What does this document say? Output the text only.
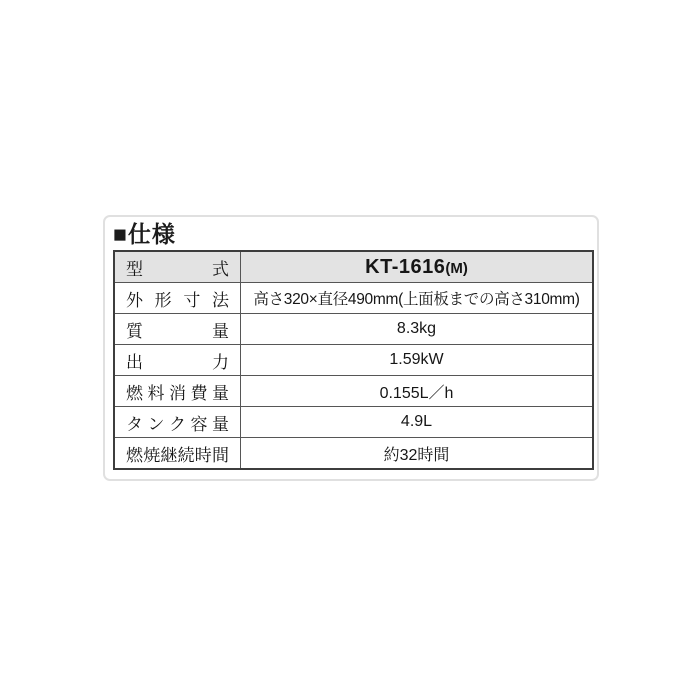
■仕様
型 式	KT-1616(M)

外 形 寸 法	高さ320×直径490mm(上面板までの高さ310mm)

質 量	8.3kg

出 力	1.59kW

燃 料 消 費 量	0.155L／h

タ ン ク 容 量	4.9L

燃 焼 継 続 時 間	約32時間
